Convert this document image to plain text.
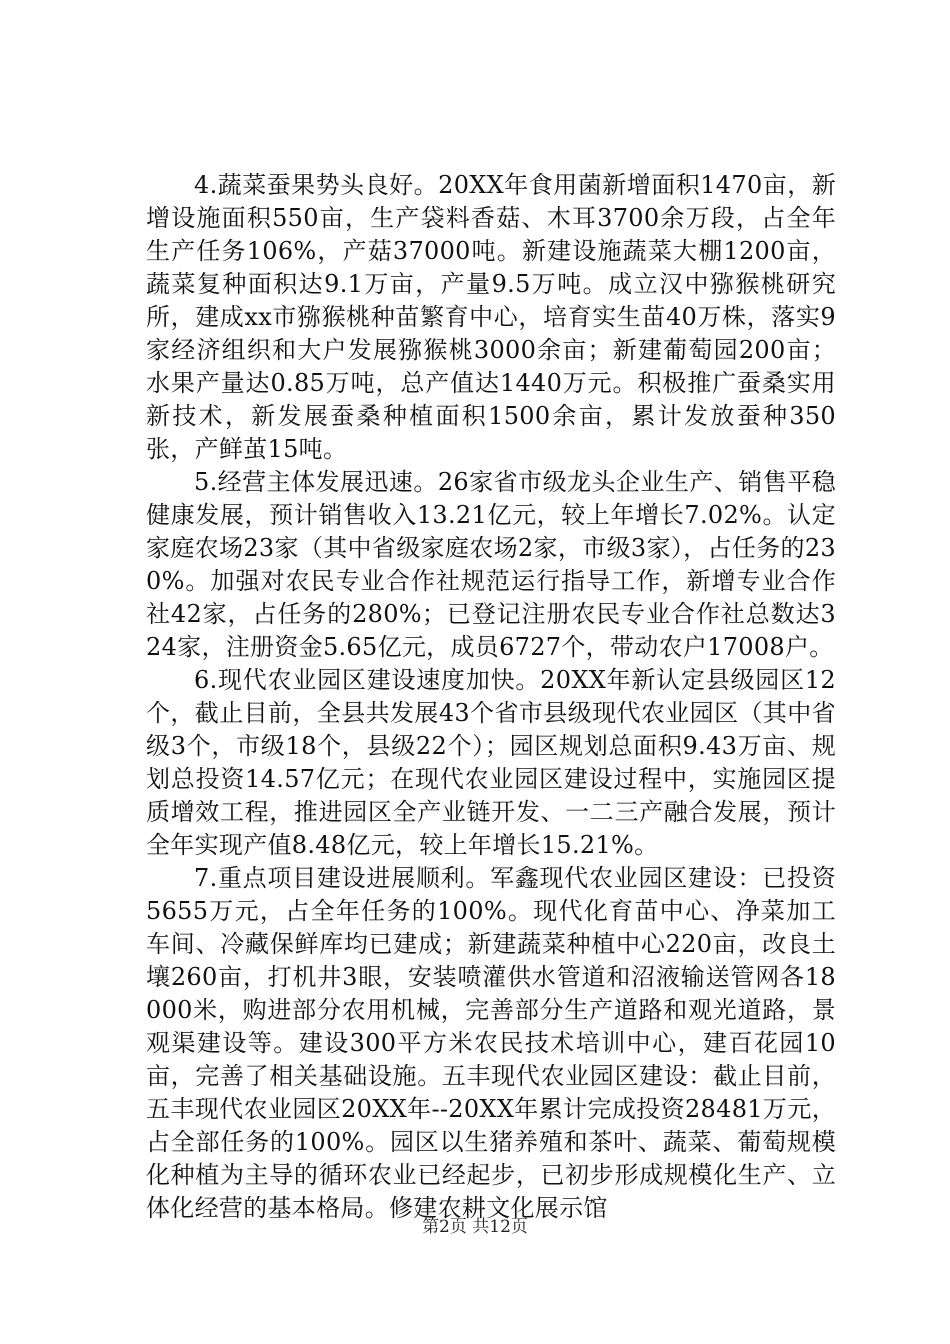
4.蔬菜蚕果势头良好。20XX年食用菌新增面积1470亩，新增设施面积550亩，生产袋料香菇、木耳3700余万段，占全年生产任务106%，产菇37000吨。新建设施蔬菜大棚1200亩，蔬菜复种面积达9.1万亩，产量9.5万吨。成立汉中猕猴桃研究所，建成xx市猕猴桃种苗繁育中心，培育实生苗40万株，落实9家经济组织和大户发展猕猴桃3000余亩；新建葡萄园200亩；水果产量达0.85万吨，总产值达1440万元。积极推广蚕桑实用新技术，新发展蚕桑种植面积1500余亩，累计发放蚕种350张，产鲜茧15吨。

5.经营主体发展迅速。26家省市级龙头企业生产、销售平稳健康发展，预计销售收入13.21亿元，较上年增长7.02%。认定家庭农场23家（其中省级家庭农场2家，市级3家），占任务的230%。加强对农民专业合作社规范运行指导工作，新增专业合作社42家，占任务的280%；已登记注册农民专业合作社总数达324家，注册资金5.65亿元，成员6727个，带动农户17008户。

6.现代农业园区建设速度加快。20XX年新认定县级园区12个，截止目前，全县共发展43个省市县级现代农业园区（其中省级3个，市级18个，县级22个）；园区规划总面积9.43万亩、规划总投资14.57亿元；在现代农业园区建设过程中，实施园区提质增效工程，推进园区全产业链开发、一二三产融合发展，预计全年实现产值8.48亿元，较上年增长15.21%。

7.重点项目建设进展顺利。军鑫现代农业园区建设：已投资5655万元，占全年任务的100%。现代化育苗中心、净菜加工车间、冷藏保鲜库均已建成；新建蔬菜种植中心220亩，改良土壤260亩，打机井3眼，安装喷灌供水管道和沼液输送管网各18000米，购进部分农用机械，完善部分生产道路和观光道路，景观渠建设等。建设300平方米农民技术培训中心，建百花园10亩，完善了相关基础设施。五丰现代农业园区建设：截止目前，五丰现代农业园区20XX年--20XX年累计完成投资28481万元，占全部任务的100%。园区以生猪养殖和茶叶、蔬菜、葡萄规模化种植为主导的循环农业已经起步，已初步形成规模化生产、立体化经营的基本格局。修建农耕文化展示馆

第2页 共12页
